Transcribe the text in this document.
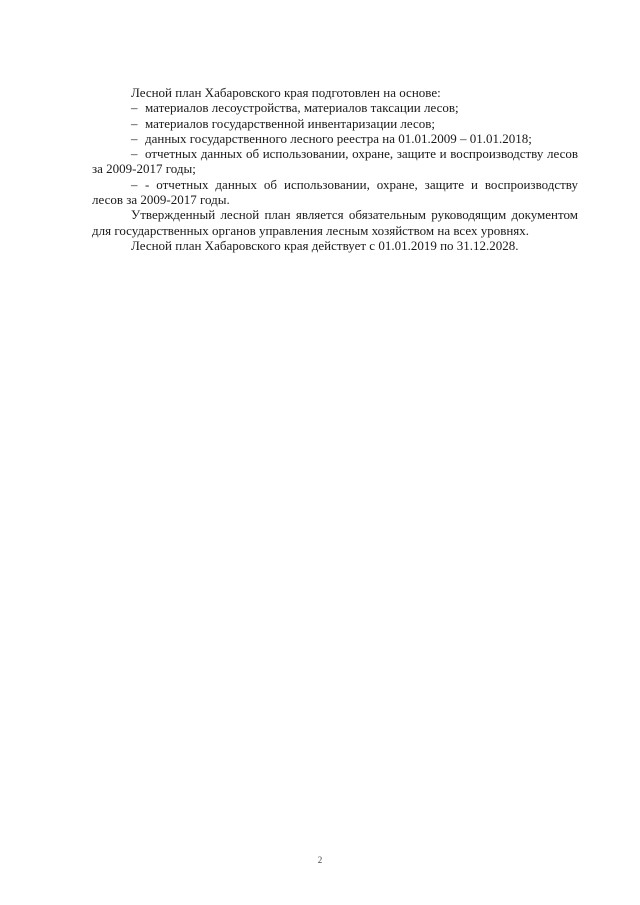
Лесной план Хабаровского края подготовлен на основе:

– материалов лесоустройства, материалов таксации лесов;

– материалов государственной инвентаризации лесов;

– данных государственного лесного реестра на 01.01.2009 – 01.01.2018;

– отчетных данных об использовании, охране, защите и воспроизводству лесов за 2009-2017 годы;

– - отчетных данных об использовании, охране, защите и воспроизводству лесов за 2009-2017 годы.

Утвержденный лесной план является обязательным руководящим документом для государственных органов управления лесным хозяйством на всех уровнях.

Лесной план Хабаровского края действует с 01.01.2019 по 31.12.2028.

2
